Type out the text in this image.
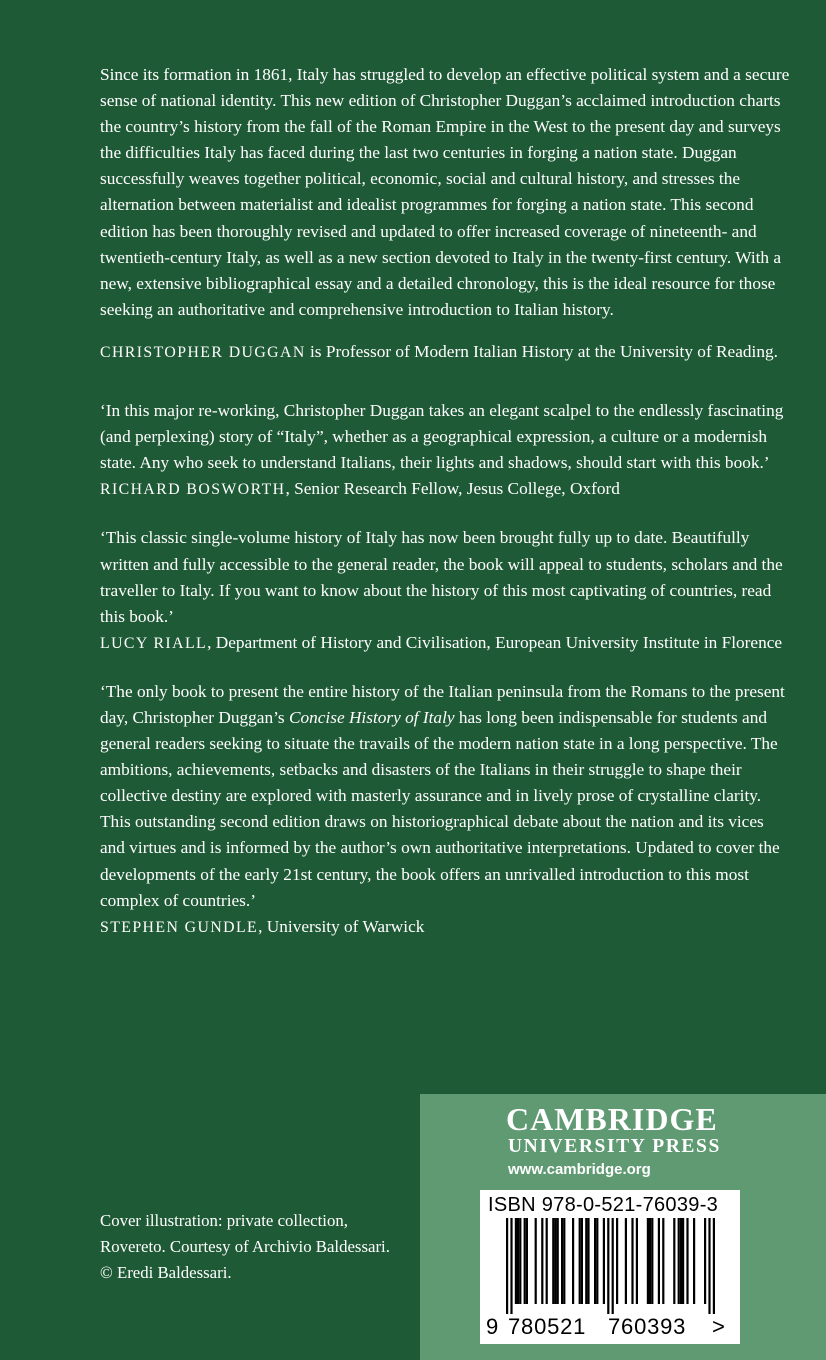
Since its formation in 1861, Italy has struggled to develop an effective political system and a secure sense of national identity. This new edition of Christopher Duggan’s acclaimed introduction charts the country’s history from the fall of the Roman Empire in the West to the present day and surveys the difficulties Italy has faced during the last two centuries in forging a nation state. Duggan successfully weaves together political, economic, social and cultural history, and stresses the alternation between materialist and idealist programmes for forging a nation state. This second edition has been thoroughly revised and updated to offer increased coverage of nineteenth- and twentieth-century Italy, as well as a new section devoted to Italy in the twenty-first century. With a new, extensive bibliographical essay and a detailed chronology, this is the ideal resource for those seeking an authoritative and comprehensive introduction to Italian history.

CHRISTOPHER DUGGAN is Professor of Modern Italian History at the University of Reading.

‘In this major re-working, Christopher Duggan takes an elegant scalpel to the endlessly fascinating (and perplexing) story of “Italy”, whether as a geographical expression, a culture or a modernish state. Any who seek to understand Italians, their lights and shadows, should start with this book.’

RICHARD BOSWORTH, Senior Research Fellow, Jesus College, Oxford

‘This classic single-volume history of Italy has now been brought fully up to date. Beautifully written and fully accessible to the general reader, the book will appeal to students, scholars and the traveller to Italy. If you want to know about the history of this most captivating of countries, read this book.’

LUCY RIALL, Department of History and Civilisation, European University Institute in Florence

‘The only book to present the entire history of the Italian peninsula from the Romans to the present day, Christopher Duggan’s Concise History of Italy has long been indispensable for students and general readers seeking to situate the travails of the modern nation state in a long perspective. The ambitions, achievements, setbacks and disasters of the Italians in their struggle to shape their collective destiny are explored with masterly assurance and in lively prose of crystalline clarity. This outstanding second edition draws on historiographical debate about the nation and its vices and virtues and is informed by the author’s own authoritative interpretations. Updated to cover the developments of the early 21st century, the book offers an unrivalled introduction to this most complex of countries.’

STEPHEN GUNDLE, University of Warwick

Cover illustration: private collection, Rovereto. Courtesy of Archivio Baldessari. © Eredi Baldessari.
CAMBRIDGE
UNIVERSITY PRESS
www.cambridge.org
ISBN 978-0-521-76039-3
9 780521 760393 >
